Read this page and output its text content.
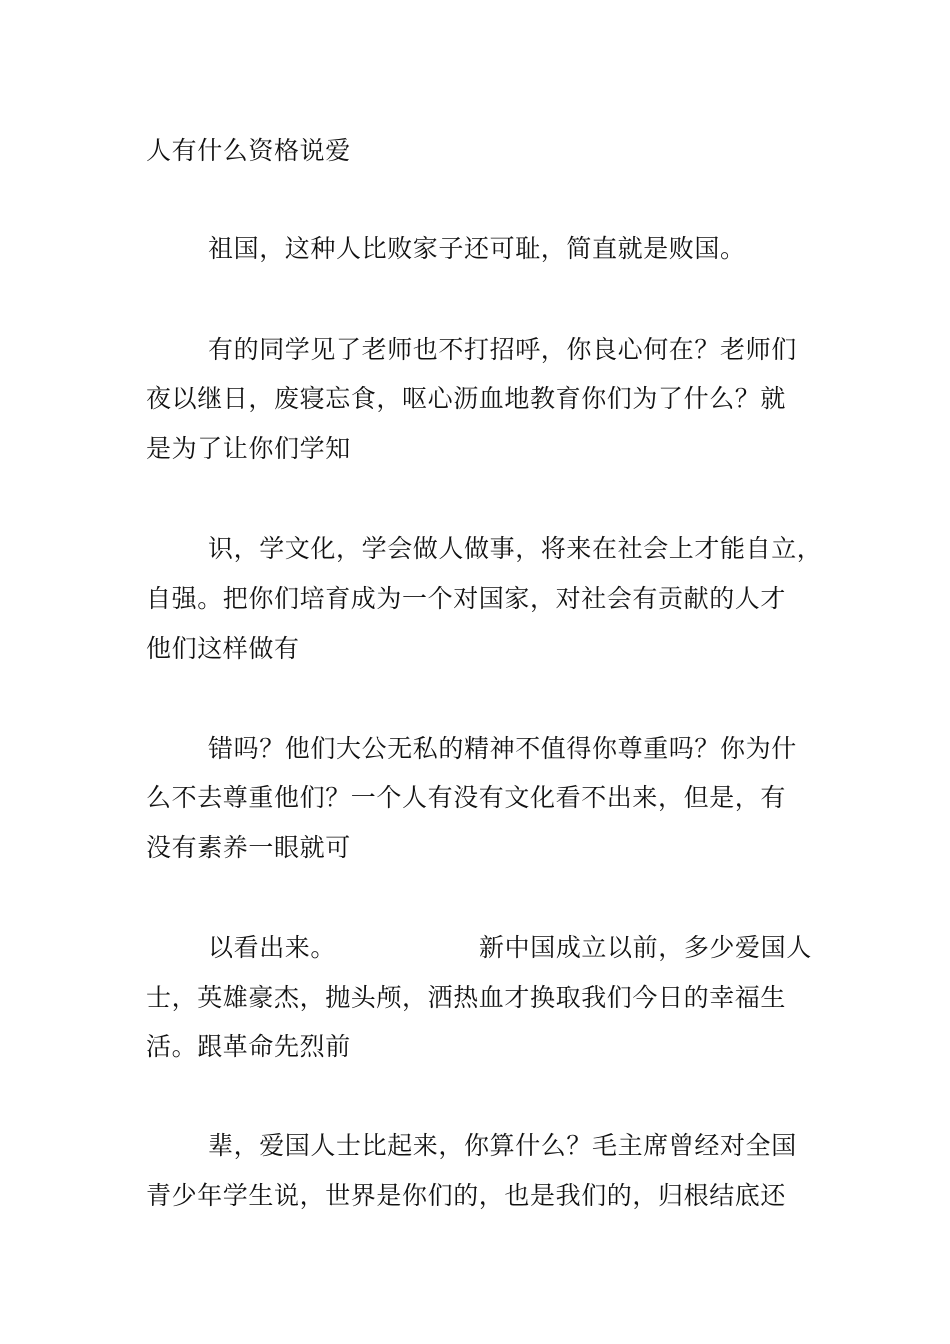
人有什么资格说爱
祖国，这种人比败家子还可耻，简直就是败国。
有的同学见了老师也不打招呼，你良心何在？老师们
夜以继日，废寝忘食，呕心沥血地教育你们为了什么？就
是为了让你们学知
识，学文化，学会做人做事，将来在社会上才能自立，
自强。把你们培育成为一个对国家，对社会有贡献的人才
他们这样做有
错吗？他们大公无私的精神不值得你尊重吗？你为什
么不去尊重他们？一个人有没有文化看不出来，但是，有
没有素养一眼就可
以看出来。	新中国成立以前，多少爱国人
士，英雄豪杰，抛头颅，洒热血才换取我们今日的幸福生
活。跟革命先烈前
辈，爱国人士比起来，你算什么？毛主席曾经对全国
青少年学生说，世界是你们的，也是我们的，归根结底还
